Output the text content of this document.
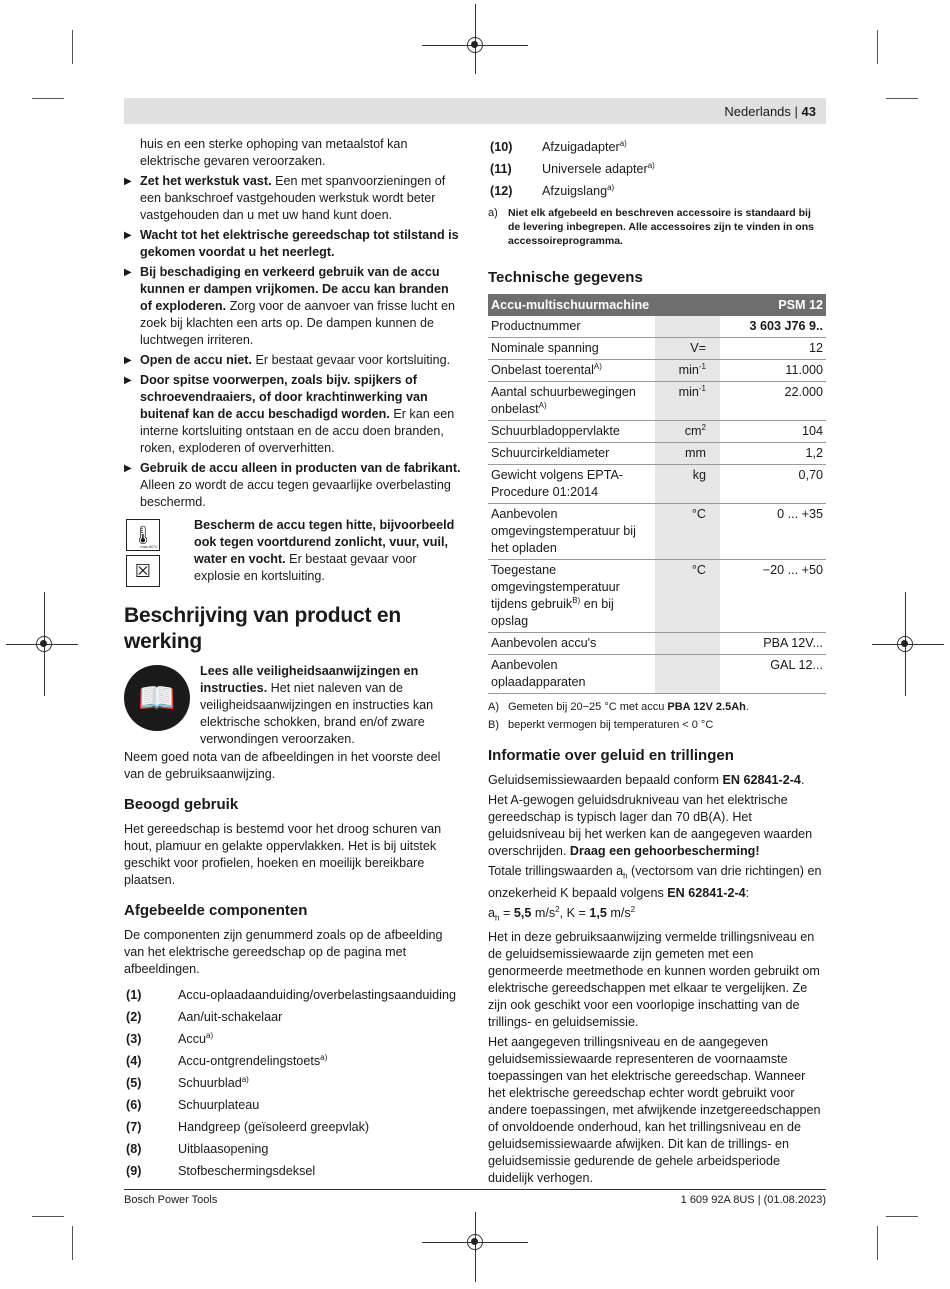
Nederlands | 43

huis en een sterke ophoping van metaalstof kan elektrische gevaren veroorzaken.

▶ Zet het werkstuk vast. Een met spanvoorzieningen of een bankschroef vastgehouden werkstuk wordt beter vastgehouden dan u met uw hand kunt doen.
▶ Wacht tot het elektrische gereedschap tot stilstand is gekomen voordat u het neerlegt.
▶ Bij beschadiging en verkeerd gebruik van de accu kunnen er dampen vrijkomen. De accu kan branden of exploderen. Zorg voor de aanvoer van frisse lucht en zoek bij klachten een arts op. De dampen kunnen de luchtwegen irriteren.
▶ Open de accu niet. Er bestaat gevaar voor kortsluiting.
▶ Door spitse voorwerpen, zoals bijv. spijkers of schroevendraaiers, of door krachtinwerking van buitenaf kan de accu beschadigd worden. Er kan een interne kortsluiting ontstaan en de accu doen branden, roken, exploderen of oververhitten.
▶ Gebruik de accu alleen in producten van de fabrikant. Alleen zo wordt de accu tegen gevaarlijke overbelasting beschermd.
🌡
max.50°C
☒

Bescherm de accu tegen hitte, bijvoorbeeld ook tegen voortdurend zonlicht, vuur, vuil, water en vocht. Er bestaat gevaar voor explosie en kortsluiting.

Beschrijving van product en werking
📖

Lees alle veiligheidsaanwijzingen en instructies. Het niet naleven van de veiligheidsaanwijzingen en instructies kan elektrische schokken, brand en/of zware verwondingen veroorzaken.

Neem goed nota van de afbeeldingen in het voorste deel van de gebruiksaanwijzing.

Beoogd gebruik

Het gereedschap is bestemd voor het droog schuren van hout, plamuur en gelakte oppervlakken. Het is bij uitstek geschikt voor profielen, hoeken en moeilijk bereikbare plaatsen.

Afgebeelde componenten

De componenten zijn genummerd zoals op de afbeelding van het elektrische gereedschap op de pagina met afbeeldingen.

(1)	Accu-oplaadaanduiding/overbelastingsaanduiding
(2)	Aan/uit-schakelaar
(3)	Accu$^{a)}$
(4)	Accu-ontgrendelingstoets$^{a)}$
(5)	Schuurblad$^{a)}$
(6)	Schuurplateau
(7)	Handgreep (geïsoleerd greepvlak)
(8)	Uitblaasopening
(9)	Stofbeschermingsdeksel
(10)	Afzuigadapter$^{a)}$
(11)	Universele adapter$^{a)}$
(12)	Afzuigslang$^{a)}$
a) Niet elk afgebeeld en beschreven accessoire is standaard bij de levering inbegrepen. Alle accessoires zijn te vinden in ons accessoireprogramma.
Technische gegevens
Accu-multischuurmachine		PSM 12
Productnummer		3 603 J76 9..
Nominale spanning	V=	12
Onbelast toerental$^{A)}$	$\min^{-1}$	11.000
Aantal schuurbewegingen onbelast$^{A)}$	$\min^{-1}$	22.000
Schuurbladoppervlakte	$cm^2$	104
Schuurcirkeldiameter	mm	1,2
Gewicht volgens EPTA-Procedure 01:2014	kg	0,70
Aanbevolen omgevingstemperatuur bij het opladen	°C	0 ... +35
Toegestane omgevingstemperatuur tijdens gebruik$^{B)}$ en bij opslag	°C	−20 ... +50
Aanbevolen accu's		PBA 12V...
Aanbevolen oplaadapparaten		GAL 12...
A) Gemeten bij 20−25 °C met accu PBA 12V 2.5Ah.
B) beperkt vermogen bij temperaturen < 0 °C
Informatie over geluid en trillingen

Geluidsemissiewaarden bepaald conform EN 62841-2-4.

Het A-gewogen geluidsdrukniveau van het elektrische gereedschap is typisch lager dan 70 dB(A). Het geluidsniveau bij het werken kan de aangegeven waarden overschrijden. Draag een gehoorbescherming!

Totale trillingswaarden $a_h$ (vectorsom van drie richtingen) en onzekerheid K bepaald volgens EN 62841-2-4:

$a_h = 5,5$ $m/s^2$, K = 1,5 $m/s^2$

Het in deze gebruiksaanwijzing vermelde trillingsniveau en de geluidsemissiewaarde zijn gemeten met een genormeerde meetmethode en kunnen worden gebruikt om elektrische gereedschappen met elkaar te vergelijken. Ze zijn ook geschikt voor een voorlopige inschatting van de trillings- en geluidsemissie.

Het aangegeven trillingsniveau en de aangegeven geluidsemissiewaarde representeren de voornaamste toepassingen van het elektrische gereedschap. Wanneer het elektrische gereedschap echter wordt gebruikt voor andere toepassingen, met afwijkende inzetgereedschappen of onvoldoende onderhoud, kan het trillingsniveau en de geluidsemissiewaarde afwijken. Dit kan de trillings- en geluidsemissie gedurende de gehele arbeidsperiode duidelijk verhogen.

Bosch Power Tools	1 609 92A 8US | (01.08.2023)
